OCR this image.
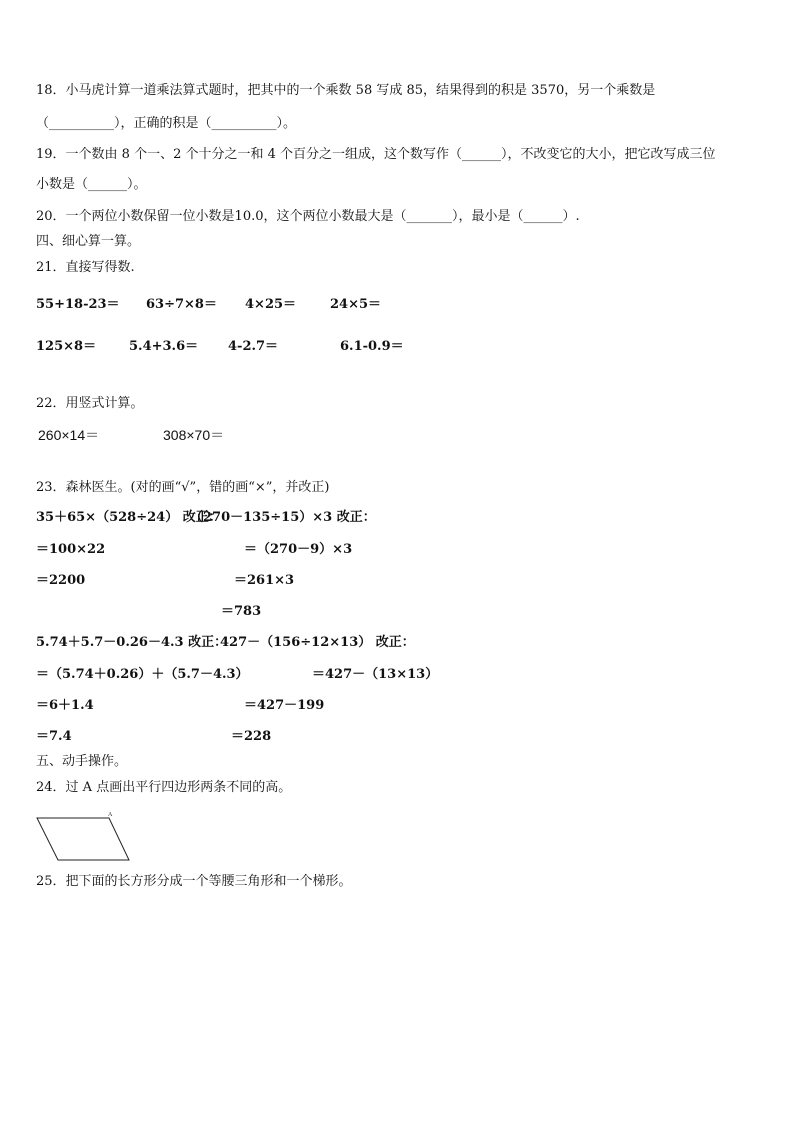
18．小马虎计算一道乘法算式题时，把其中的一个乘数 58 写成 85，结果得到的积是 3570，另一个乘数是
（__________），正确的积是（__________）。
19．一个数由 8 个一、2 个十分之一和 4 个百分之一组成，这个数写作（______），不改变它的大小，把它改写成三位
小数是（______）。
20．一个两位小数保留一位小数是10.0，这个两位小数最大是（_______），最小是（______）.
四、细心算一算。
21．直接写得数.
55+18-23＝ 63÷7×8＝ 4×25＝	24×5＝
125×8＝	5.4+3.6＝ 4-2.7＝	6.1-0.9＝
22．用竖式计算。
260×14＝	308×70＝
23．森林医生。(对的画“√”，错的画“×”，并改正)
35＋65×（528÷24） 改正：
＝100×22
＝2200
（270－135÷15）×3 改正：
＝（270－9）×3
＝261×3
＝783
5.74＋5.7－0.26－4.3 改正：
＝（5.74＋0.26）＋（5.7－4.3）
＝6＋1.4
＝7.4
427－（156÷12×13） 改正：
＝427－（13×13）
＝427－199
＝228
五、动手操作。
24．过 A 点画出平行四边形两条不同的高。
A
25．把下面的长方形分成一个等腰三角形和一个梯形。
